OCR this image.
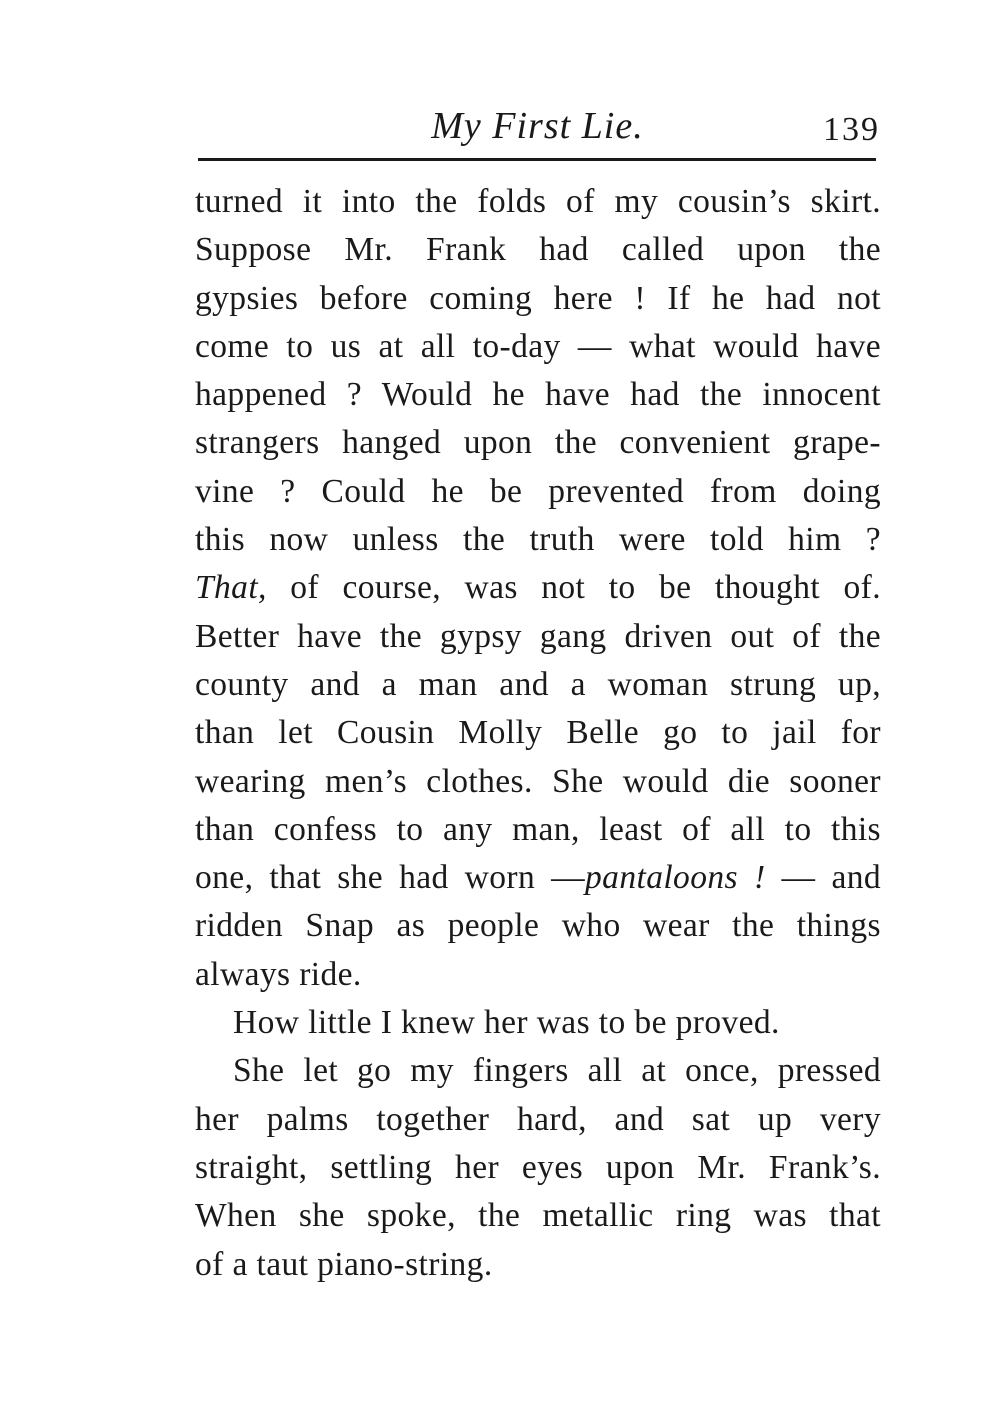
My First Lie.	139
turned it into the folds of my cousin’s skirt.
Suppose Mr. Frank had called upon the
gypsies before coming here ! If he had not
come to us at all to-day — what would have
happened ? Would he have had the innocent
strangers hanged upon the convenient grape-
vine ? Could he be prevented from doing
this now unless the truth were told him ?
That, of course, was not to be thought of.
Better have the gypsy gang driven out of the
county and a man and a woman strung up,
than let Cousin Molly Belle go to jail for
wearing men’s clothes. She would die sooner
than confess to any man, least of all to this
one, that she had worn —pantaloons ! — and
ridden Snap as people who wear the things
always ride.
How little I knew her was to be proved.
She let go my fingers all at once, pressed
her palms together hard, and sat up very
straight, settling her eyes upon Mr. Frank’s.
When she spoke, the metallic ring was that
of a taut piano-string.
